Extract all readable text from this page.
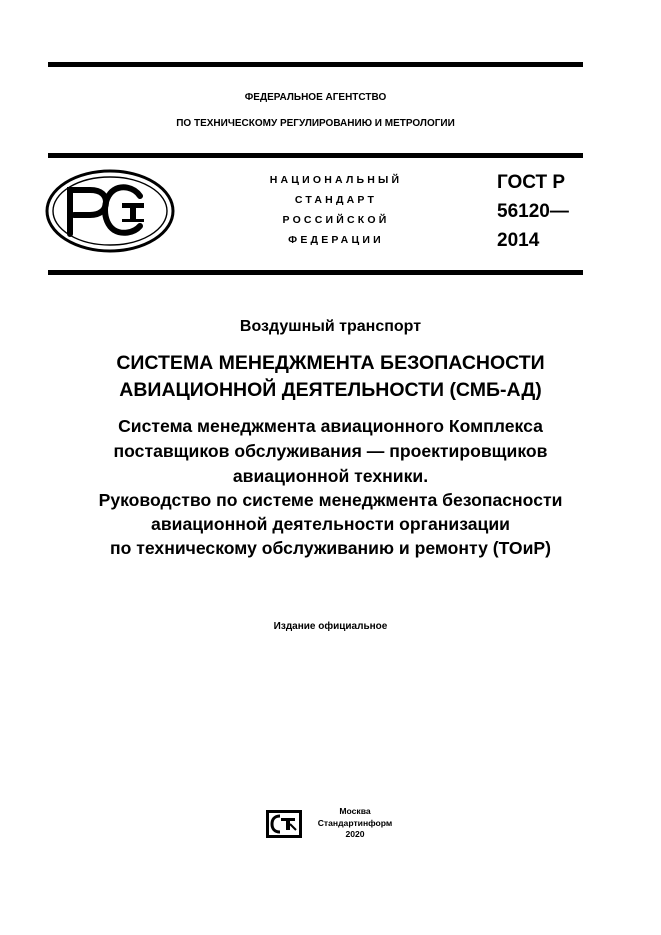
ФЕДЕРАЛЬНОЕ АГЕНТСТВО
ПО ТЕХНИЧЕСКОМУ РЕГУЛИРОВАНИЮ И МЕТРОЛОГИИ
НАЦИОНАЛЬНЫЙ
СТАНДАРТ
РОССИЙСКОЙ
ФЕДЕРАЦИИ
ГОСТ Р
56120—
2014
Воздушный транспорт
СИСТЕМА МЕНЕДЖМЕНТА БЕЗОПАСНОСТИ
АВИАЦИОННОЙ ДЕЯТЕЛЬНОСТИ (СМБ-АД)
Система менеджмента авиационного Комплекса
поставщиков обслуживания — проектировщиков
авиационной техники.
Руководство по системе менеджмента безопасности
авиационной деятельности организации
по техническому обслуживанию и ремонту (ТОиР)
Издание официальное
Москва
Стандартинформ
2020
